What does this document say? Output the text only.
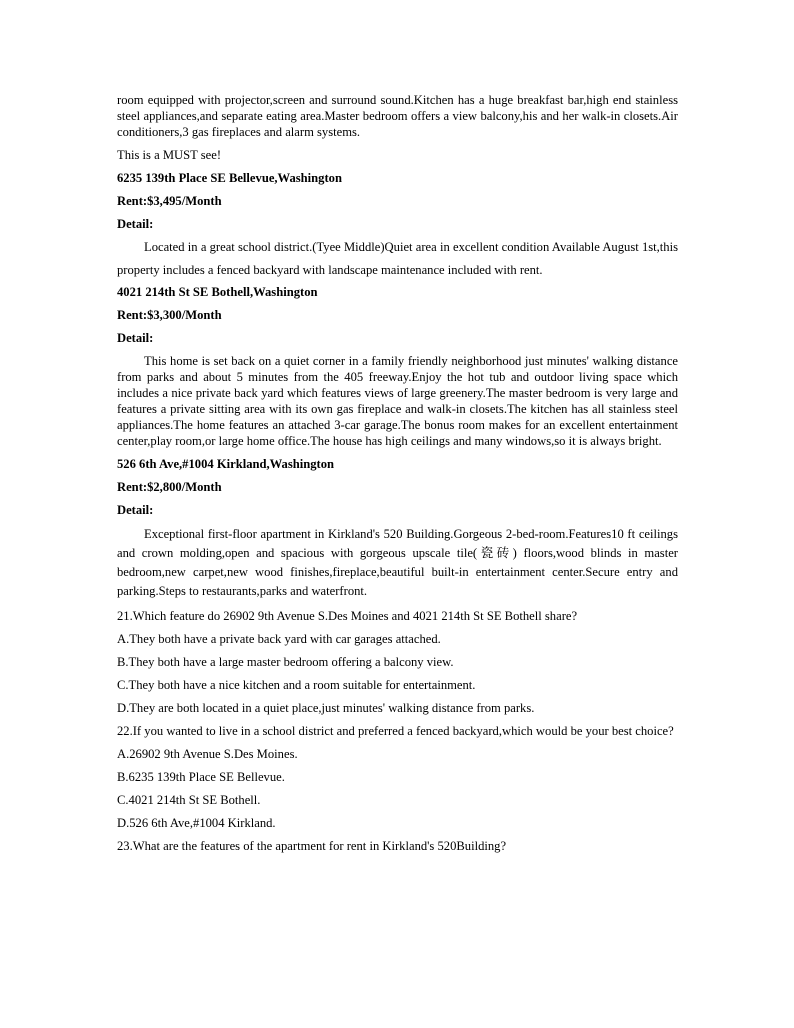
room equipped with projector,screen and surround sound.Kitchen has a huge breakfast bar,high end stainless steel appliances,and separate eating area.Master bedroom offers a view balcony,his and her walk-in closets.Air conditioners,3 gas fireplaces and alarm systems.

This is a MUST see!

6235 139th Place SE Bellevue,Washington

Rent:$3,495/Month

Detail:

Located in a great school district.(Tyee Middle)Quiet area in excellent condition Available August 1st,this property includes a fenced backyard with landscape maintenance included with rent.

4021 214th St SE Bothell,Washington

Rent:$3,300/Month

Detail:

This home is set back on a quiet corner in a family friendly neighborhood just minutes' walking distance from parks and about 5 minutes from the 405 freeway.Enjoy the hot tub and outdoor living space which includes a nice private back yard which features views of large greenery.The master bedroom is very large and features a private sitting area with its own gas fireplace and walk-in closets.The kitchen has all stainless steel appliances.The home features an attached 3-car garage.The bonus room makes for an excellent entertainment center,play room,or large home office.The house has high ceilings and many windows,so it is always bright.

526 6th Ave,#1004 Kirkland,Washington

Rent:$2,800/Month

Detail:

Exceptional first-floor apartment in Kirkland's 520 Building.Gorgeous 2-bed-room.Features10 ft ceilings and crown molding,open and spacious with gorgeous upscale tile(瓷砖) floors,wood blinds in master bedroom,new carpet,new wood finishes,fireplace,beautiful built-in entertainment center.Secure entry and parking.Steps to restaurants,parks and waterfront.

21.Which feature do 26902 9th Avenue S.Des Moines and 4021 214th St SE Bothell share?

A.They both have a private back yard with car garages attached.

B.They both have a large master bedroom offering a balcony view.

C.They both have a nice kitchen and a room suitable for entertainment.

D.They are both located in a quiet place,just minutes' walking distance from parks.

22.If you wanted to live in a school district and preferred a fenced backyard,which would be your best choice?

A.26902 9th Avenue S.Des Moines.

B.6235 139th Place SE Bellevue.

C.4021 214th St SE Bothell.

D.526 6th Ave,#1004 Kirkland.

23.What are the features of the apartment for rent in Kirkland's 520Building?
